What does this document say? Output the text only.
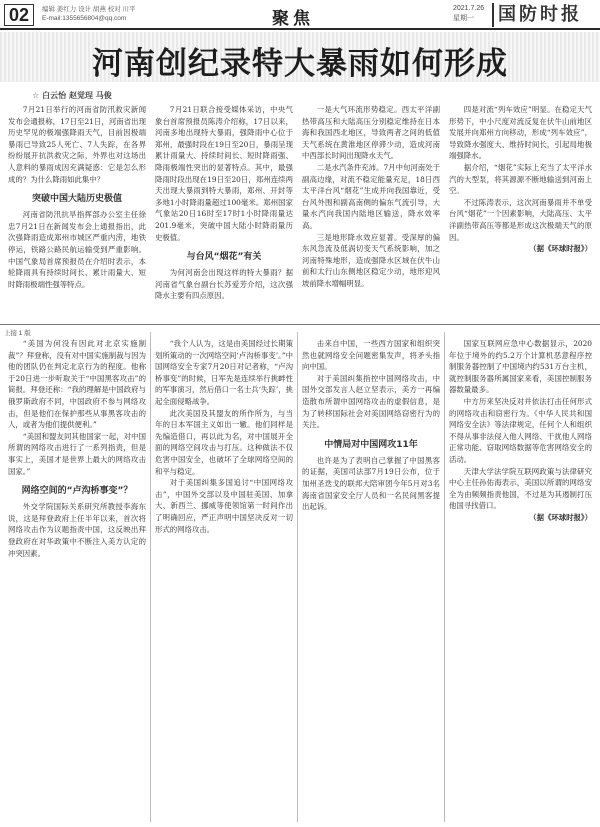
02	编辑 姜红力 设计 胡燕 校对 川平
E-mail:1355656804@qq.com	聚焦
2021.7.26
星期一	国防时报
河南创纪录特大暴雨如何形成
☆ 白云怡 赵觉珵 马俊

7月21日举行的河南省防汛救灾新闻发布会通报称，17日至21日，河南省出现历史罕见的极端强降雨天气，目前因极端暴雨已导致25人死亡、7人失踪，在各界纷纷展开抗洪救灾之际，外界也对这场出人意料的暴雨成因充满疑惑：它是怎么形成的？为什么降雨如此集中？

突破中国大陆历史极值

河南省防汛抗旱指挥部办公室主任徐忠7月21日在新闻发布会上通报指出，此次强降雨造成郑州市城区严重内涝，地铁停运，铁路公路民航运输受到严重影响。中国气象局首席预报员在介绍时表示，本轮降雨具有持续时间长、累计雨量大、短时降雨极端性强等特点。

7月21日联合接受媒体采访，中央气象台首席预报员陈涛介绍称，17日以来，河南多地出现特大暴雨，强降雨中心位于郑州，最强时段在19日至20日，暴雨呈现累计雨量大、持续时间长、短时降雨强、降雨极端性突出的显著特点。其中，最强降雨时段出现在19日至20日，郑州连续两天出现大暴雨到特大暴雨，郑州、开封等多地1小时降雨量超过100毫米。郑州国家气象站20日16时至17时1小时降雨量达201.9毫米，突破中国大陆小时降雨量历史极值。

与台风“烟花”有关

为何河南会出现这样的特大暴雨？据河南省气象台副台长苏爱芳介绍，这次强降水主要有四点原因。

一是大气环流形势稳定。西太平洋副热带高压和大陆高压分别稳定维持在日本海和我国西北地区，导致两者之间的低值天气系统在黄淮地区停滞少动，造成河南中西部长时间出现降水天气。

二是水汽条件充沛。7月中旬河南处于副高边缘，对流不稳定能量充足，18日西太平洋台风“烟花”生成并向我国靠近，受台风外围和副高南侧的偏东气流引导，大量水汽向我国内陆地区输送，降水效率高。

三是地形降水效应显著。受深厚的偏东风急流及低涡切变天气系统影响，加之河南特殊地形，造成强降水区域在伏牛山前和太行山东侧地区稳定少动，地形迎风坡前降水增幅明显。

四是对流“列车效应”明显。在稳定天气形势下，中小尺度对流反复在伏牛山前地区发展并向郑州方向移动，形成“列车效应”，导致降水强度大、维持时间长，引起局地极端强降水。

据介绍，“烟花”实际上充当了太平洋水汽的大型泵，将其源源不断地输送到河南上空。

不过陈涛表示，这次河南暴雨并不单受台风“烟花”一个因素影响，大陆高压、太平洋副热带高压等都是形成这次极端天气的原因。

（据《环球时报》）

上接 1 版

“美国为何没有因此对北京实施制裁”？拜登称，没有对中国实施制裁与因为他的团队仍在判定北京行为的程度。他称于20日进一步听取关于“中国黑客攻击”的简报。拜登还称：“我的理解是中国政府与俄罗斯政府不同，中国政府不参与网络攻击，但是他们在保护那些从事黑客攻击的人，或者为他们提供便利。”

“美国和盟友同其他国家一起，对中国所谓的网络攻击进行了一系列指责，但是事实上，美国才是世界上最大的网络攻击国家。”

网络空间的“卢沟桥事变”？

外交学院国际关系研究所教授李海东说，这是拜登政府上任半年以来，首次将网络攻击作为议题指责中国，这反映出拜登政府在对华政策中不断注入美方认定的冲突因素。

“我个人认为，这是由美国经过长期策划所策动的一次网络空间‘卢沟桥事变’。”中国网络安全专家7月20日对记者称，“卢沟桥事变”的时候，日军先是连续举行挑衅性的军事演习，然后借口一名士兵‘失踪’，挑起全面侵略战争。

此次美国及其盟友的所作所为，与当年的日本军国主义如出一辙。他们同样是先编造借口，再以此为名，对中国展开全面的网络空间攻击与打压。这种做法不仅危害中国安全，也破坏了全球网络空间的和平与稳定。

对于美国纠集多国追讨“中国网络攻击”，中国外交部以及中国驻美国、加拿大、新西兰、挪威等使领馆第一时间作出了明确回应，严正声明中国坚决反对一切形式的网络攻击。

击来自中国，一些西方国家和组织突然也就网络安全问题密集发声，将矛头指向中国。

对于美国纠集指控中国网络攻击，中国外交部发言人赵立坚表示，美方一再编造散布所谓中国网络攻击的虚假信息，是为了转移国际社会对美国网络窃密行为的关注。

中情局对中国网攻11年

也许是为了表明自己掌握了中国黑客的证据，美国司法部7月19日公布，位于加州圣迭戈的联邦大陪审团今年5月对3名海南省国家安全厅人员和一名民间黑客提出起诉。

国家互联网应急中心数据显示，2020年位于境外的约5.2万个计算机恶意程序控制服务器控制了中国境内约531万台主机，就控制服务器所属国家来看，美国控制服务器数量最多。

中方历来坚决反对并依法打击任何形式的网络攻击和窃密行为。《中华人民共和国网络安全法》等法律规定，任何个人和组织不得从事非法侵入他人网络、干扰他人网络正常功能、窃取网络数据等危害网络安全的活动。

天津大学法学院互联网政策与法律研究中心主任孙佑海表示，美国以所谓的网络安全为由频频指责他国，不过是为其遏制打压他国寻找借口。

（据《环球时报》）
